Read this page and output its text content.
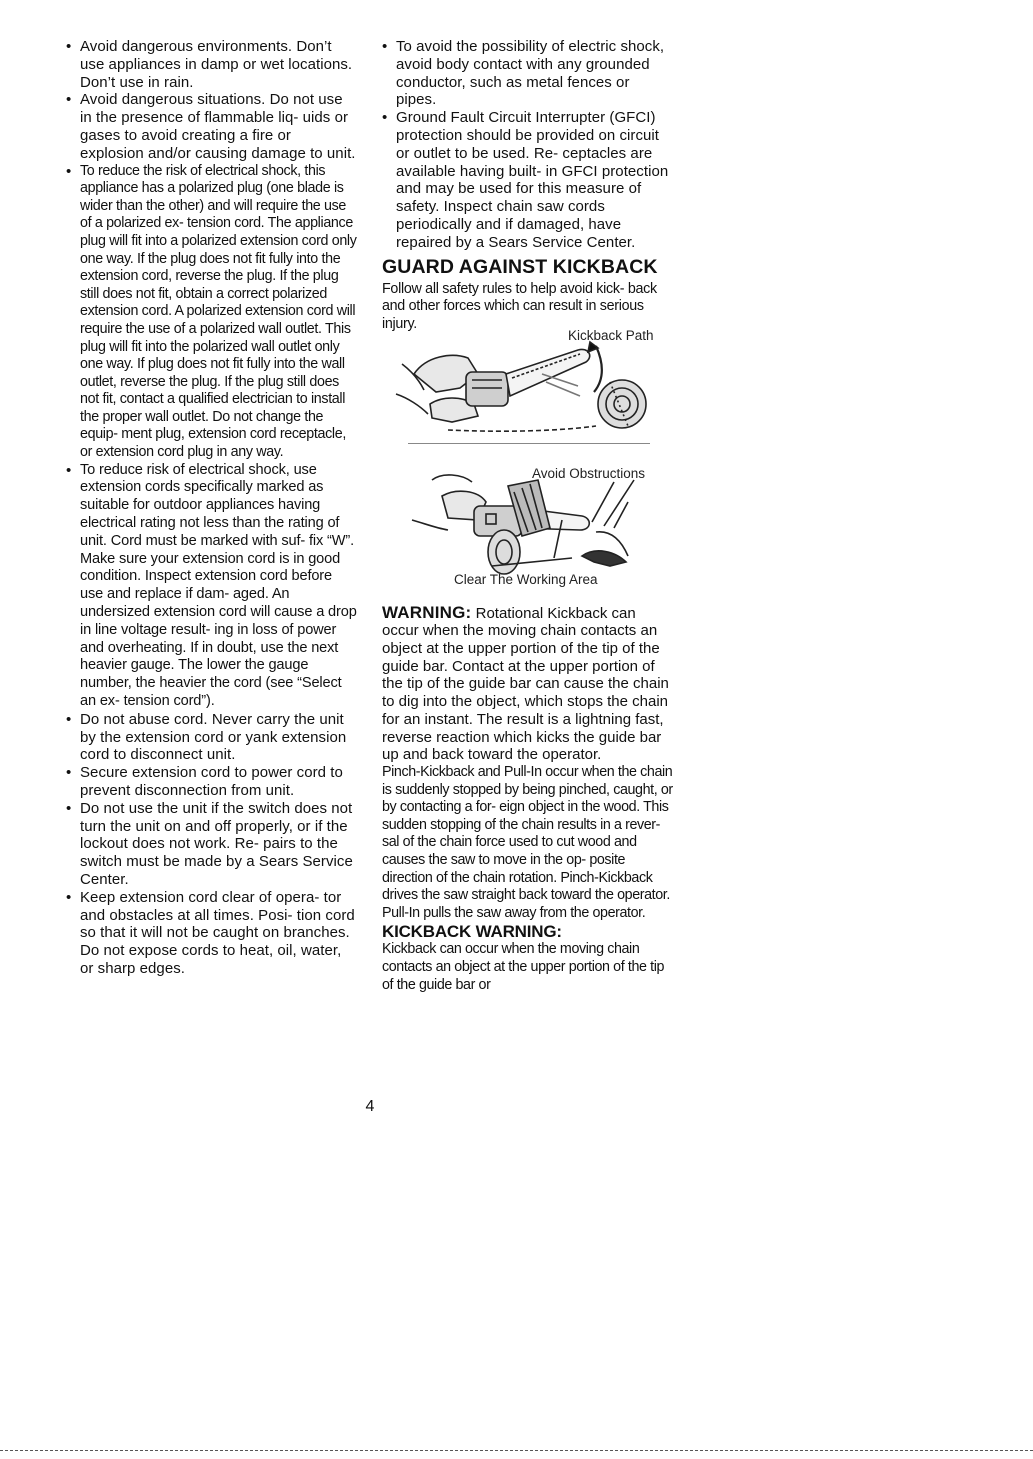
• Avoid dangerous environments. Don’t use appliances in damp or wet locations. Don’t use in rain.
• Avoid dangerous situations. Do not use in the presence of flammable liq- uids or gases to avoid creating a fire or explosion and/or causing damage to unit.
• To reduce the risk of electrical shock, this appliance has a polarized plug (one blade is wider than the other) and will require the use of a polarized ex- tension cord. The appliance plug will fit into a polarized extension cord only one way. If the plug does not fit fully into the extension cord, reverse the plug. If the plug still does not fit, obtain a correct polarized extension cord. A polarized extension cord will require the use of a polarized wall outlet. This plug will fit into the polarized wall outlet only one way. If plug does not fit fully into the wall outlet, reverse the plug. If the plug still does not fit, contact a qualified electrician to install the proper wall outlet. Do not change the equip- ment plug, extension cord receptacle, or extension cord plug in any way.
• To reduce risk of electrical shock, use extension cords specifically marked as suitable for outdoor appliances having electrical rating not less than the rating of unit. Cord must be marked with suf- fix “W”. Make sure your extension cord is in good condition. Inspect extension cord before use and replace if dam- aged. An undersized extension cord will cause a drop in line voltage result- ing in loss of power and overheating. If in doubt, use the next heavier gauge. The lower the gauge number, the heavier the cord (see “Select an ex- tension cord”).
• Do not abuse cord. Never carry the unit by the extension cord or yank extension cord to disconnect unit.
• Secure extension cord to power cord to prevent disconnection from unit.
• Do not use the unit if the switch does not turn the unit on and off properly, or if the lockout does not work. Re- pairs to the switch must be made by a Sears Service Center.
• Keep extension cord clear of opera- tor and obstacles at all times. Posi- tion cord so that it will not be caught on branches. Do not expose cords to heat, oil, water, or sharp edges.
• To avoid the possibility of electric shock, avoid body contact with any grounded conductor, such as metal fences or pipes.
• Ground Fault Circuit Interrupter (GFCI) protection should be provided on circuit or outlet to be used. Re- ceptacles are available having built- in GFCI protection and may be used for this measure of safety. Inspect chain saw cords periodically and if damaged, have repaired by a Sears Service Center.
GUARD AGAINST KICKBACK

Follow all safety rules to help avoid kick- back and other forces which can result in serious injury.

Kickback Path
Avoid Obstructions
Clear The Working Area

WARNING: Rotational Kickback can occur when the moving chain contacts an object at the upper portion of the tip of the guide bar. Contact at the upper portion of the tip of the guide bar can cause the chain to dig into the object, which stops the chain for an instant. The result is a lightning fast, reverse reaction which kicks the guide bar up and back toward the operator.

Pinch-Kickback and Pull-In occur when the chain is suddenly stopped by being pinched, caught, or by contacting a for- eign object in the wood. This sudden stopping of the chain results in a rever- sal of the chain force used to cut wood and causes the saw to move in the op- posite direction of the chain rotation. Pinch-Kickback drives the saw straight back toward the operator. Pull-In pulls the saw away from the operator.

KICKBACK WARNING:

Kickback can occur when the moving chain contacts an object at the upper portion of the tip of the guide bar or

4
